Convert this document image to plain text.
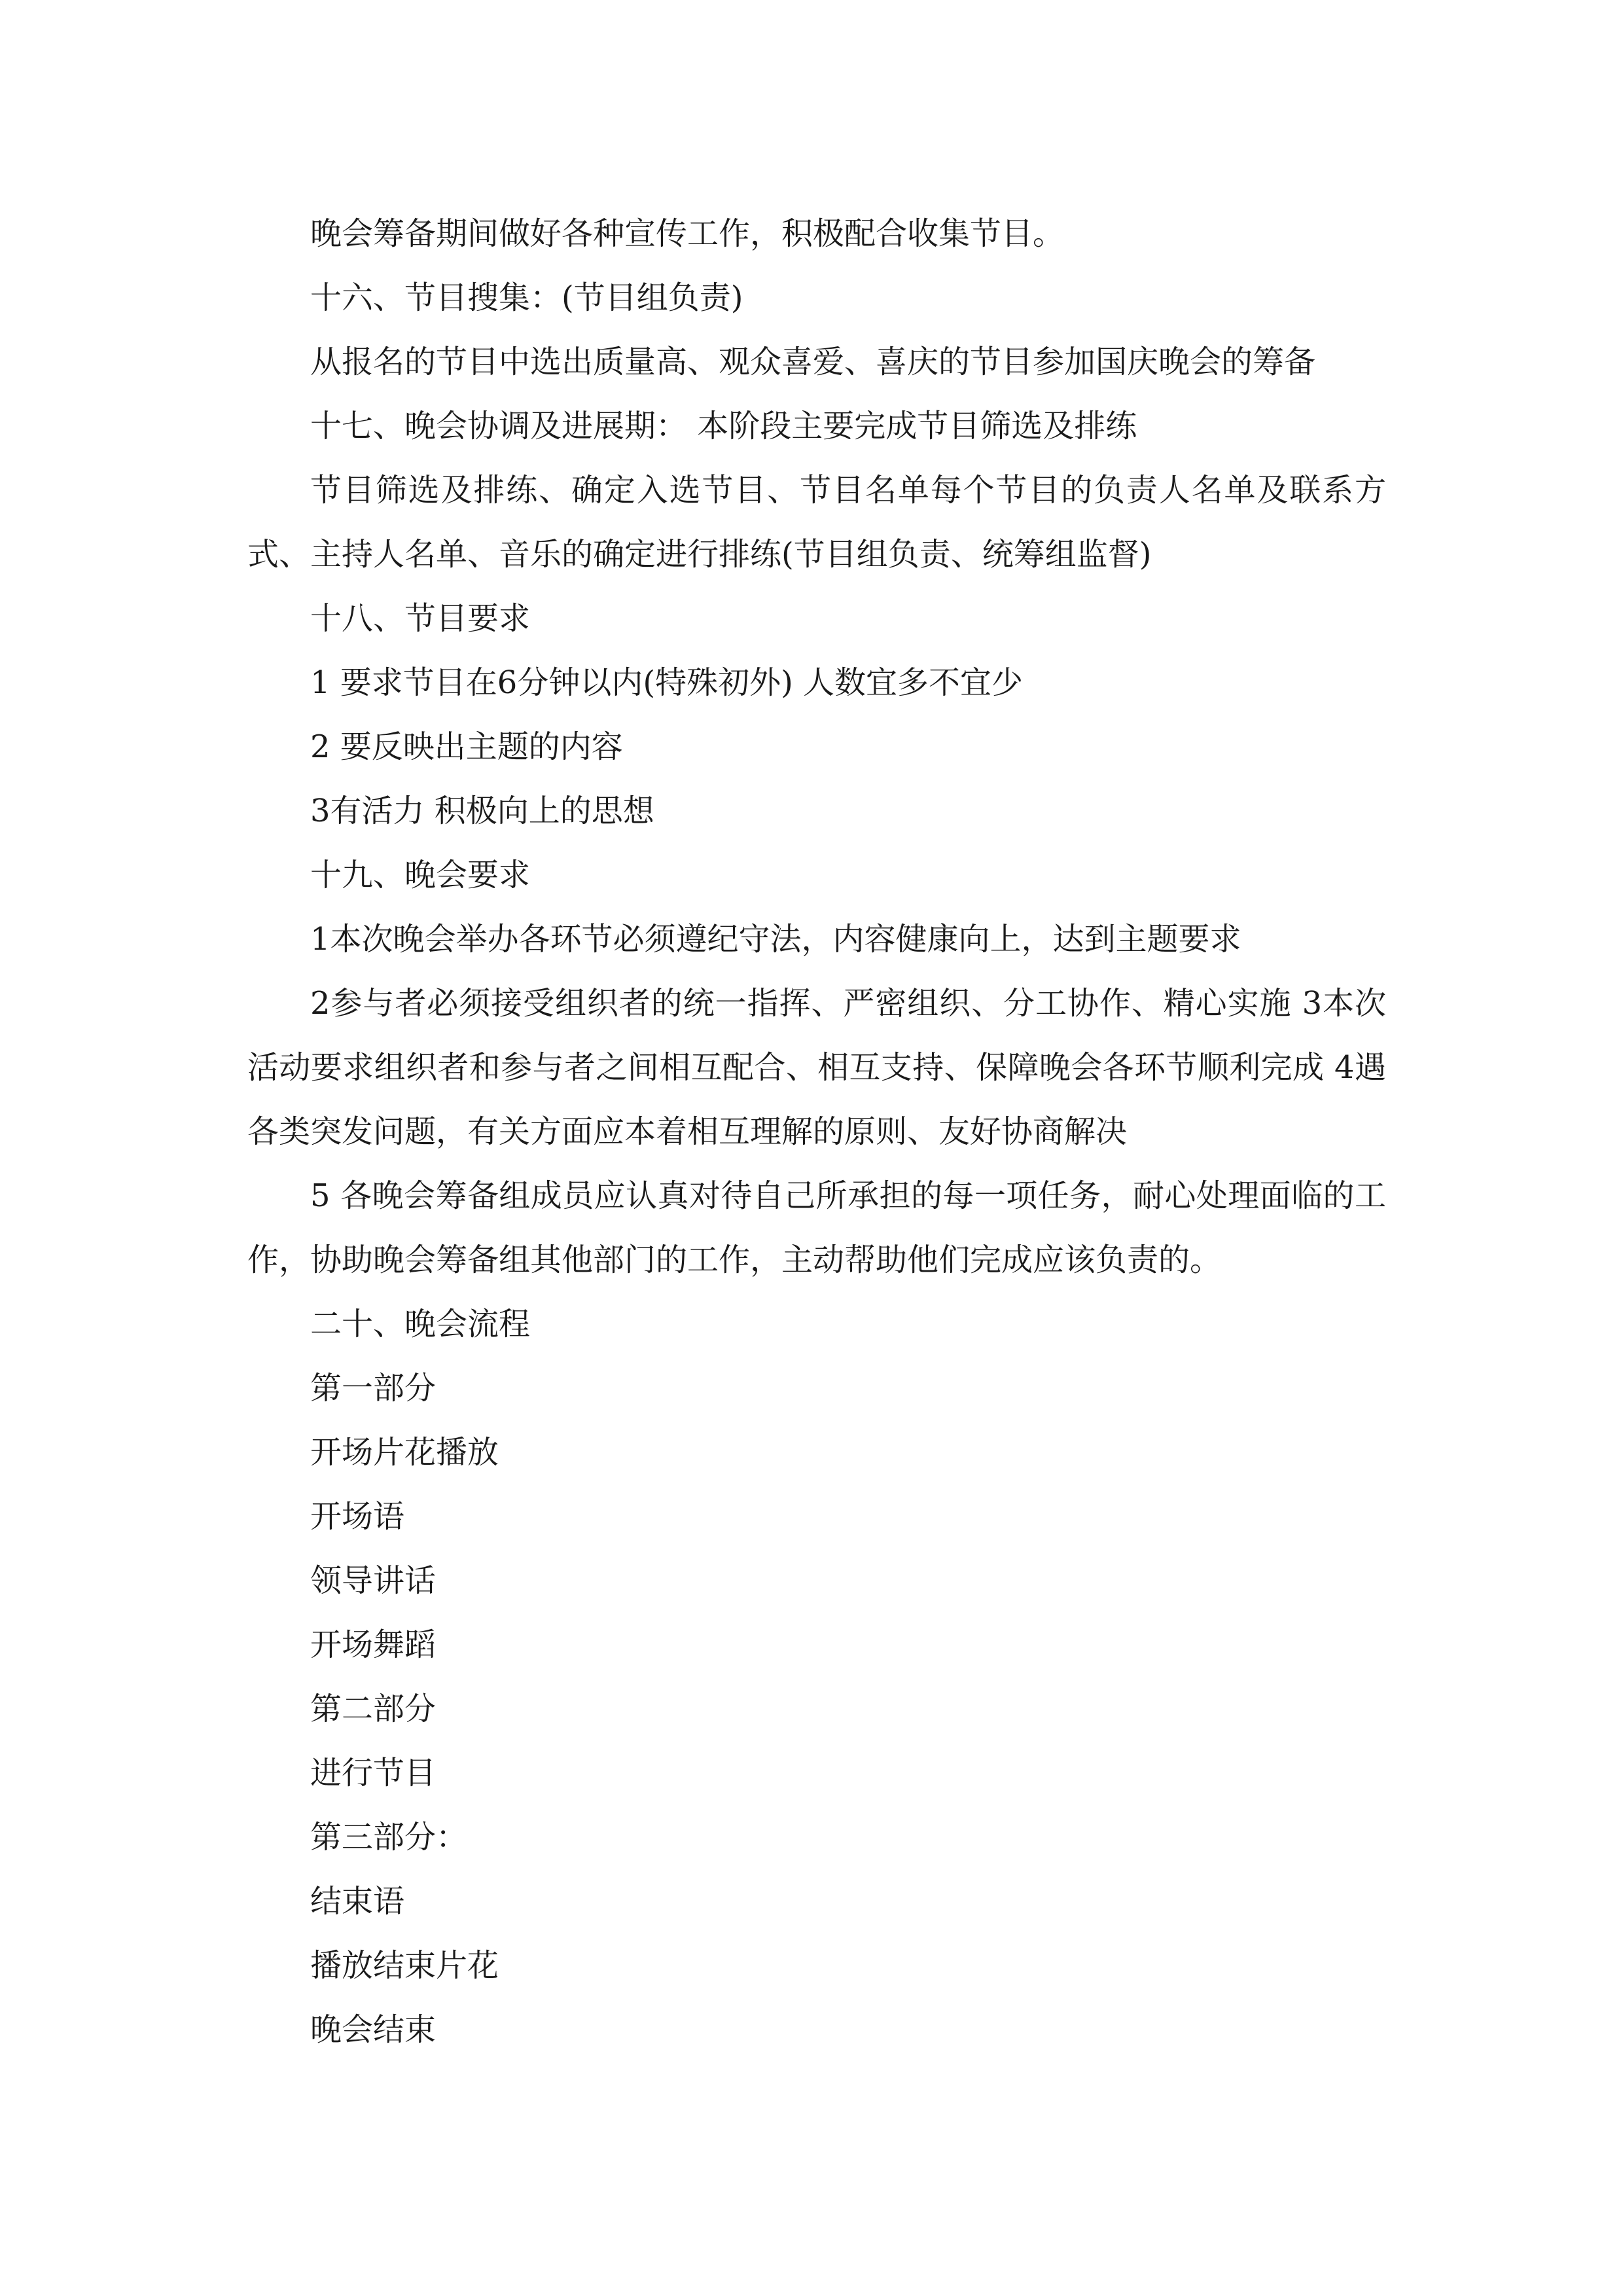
晚会筹备期间做好各种宣传工作，积极配合收集节目。

十六、节目搜集：(节目组负责)

从报名的节目中选出质量高、观众喜爱、喜庆的节目参加国庆晚会的筹备

十七、晚会协调及进展期： 本阶段主要完成节目筛选及排练

节目筛选及排练、确定入选节目、节目名单每个节目的负责人名单及联系方式、主持人名单、音乐的确定进行排练(节目组负责、统筹组监督)

十八、节目要求

1 要求节目在6分钟以内(特殊初外) 人数宜多不宜少

2 要反映出主题的内容

3有活力 积极向上的思想

十九、晚会要求

1本次晚会举办各环节必须遵纪守法，内容健康向上，达到主题要求

2参与者必须接受组织者的统一指挥、严密组织、分工协作、精心实施 3本次活动要求组织者和参与者之间相互配合、相互支持、保障晚会各环节顺利完成 4遇各类突发问题，有关方面应本着相互理解的原则、友好协商解决

5 各晚会筹备组成员应认真对待自己所承担的每一项任务，耐心处理面临的工作，协助晚会筹备组其他部门的工作，主动帮助他们完成应该负责的。

二十、晚会流程

第一部分

开场片花播放

开场语

领导讲话

开场舞蹈

第二部分

进行节目

第三部分：

结束语

播放结束片花

晚会结束
